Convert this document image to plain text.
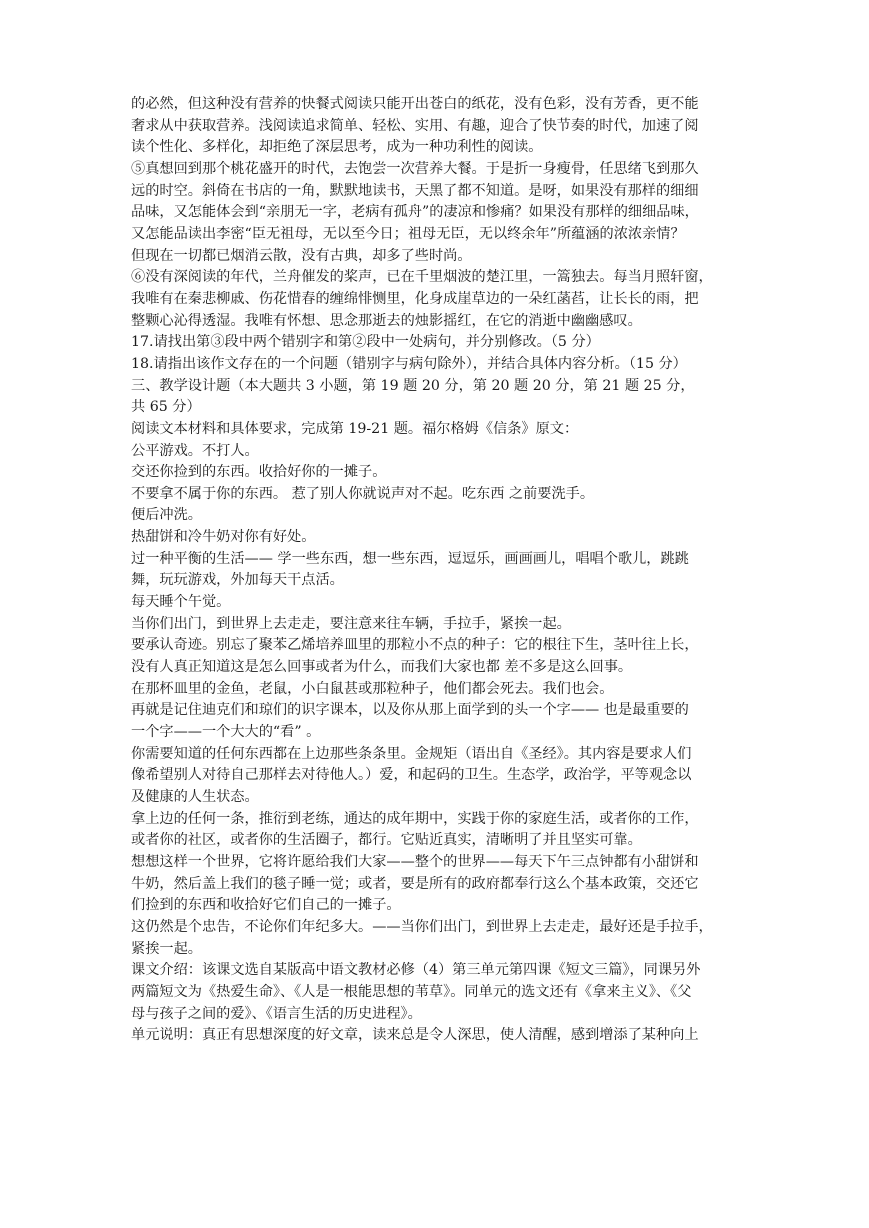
的必然，但这种没有营养的快餐式阅读只能开出苍白的纸花，没有色彩，没有芳香，更不能

奢求从中获取营养。浅阅读追求简单、轻松、实用、有趣，迎合了快节奏的时代，加速了阅

读个性化、多样化，却拒绝了深层思考，成为一种功利性的阅读。

⑤真想回到那个桃花盛开的时代，去饱尝一次营养大餐。于是折一身瘦骨，任思绪飞到那久

远的时空。斜倚在书店的一角，默默地读书，天黑了都不知道。是呀，如果没有那样的细细

品味，又怎能体会到“亲朋无一字，老病有孤舟”的凄凉和惨痛？如果没有那样的细细品味，

又怎能品读出李密“臣无祖母，无以至今日；祖母无臣，无以终余年”所蕴涵的浓浓亲情？

但现在一切都已烟消云散，没有古典，却多了些时尚。

⑥没有深阅读的年代，兰舟催发的桨声，已在千里烟波的楚江里，一篙独去。每当月照轩窗，

我唯有在秦悲柳戚、伤花惜春的缠绵悱恻里，化身成崖草边的一朵红菡萏，让长长的雨，把

整颗心沁得透湿。我唯有怀想、思念那逝去的烛影摇红，在它的消逝中幽幽感叹。

17.请找出第③段中两个错别字和第②段中一处病句，并分别修改。（5 分）

18.请指出该作文存在的一个问题（错别字与病句除外），并结合具体内容分析。（15 分）

三、教学设计题（本大题共 3 小题，第 19 题 20 分，第 20 题 20 分，第 21 题 25 分，

共 65 分）

阅读文本材料和具体要求，完成第 19-21 题。福尔格姆《信条》原文：

公平游戏。不打人。

交还你捡到的东西。收拾好你的一摊子。

不要拿不属于你的东西。 惹了别人你就说声对不起。吃东西 之前要洗手。

便后冲洗。

热甜饼和冷牛奶对你有好处。

过一种平衡的生活—— 学一些东西，想一些东西，逗逗乐，画画画儿，唱唱个歌儿，跳跳

舞，玩玩游戏，外加每天干点活。

每天睡个午觉。

当你们出门，到世界上去走走，要注意来往车辆，手拉手，紧挨一起。

要承认奇迹。别忘了聚苯乙烯培养皿里的那粒小不点的种子：它的根往下生，茎叶往上长，

没有人真正知道这是怎么回事或者为什么，而我们大家也都 差不多是这么回事。

在那杯皿里的金鱼，老鼠，小白鼠甚或那粒种子，他们都会死去。我们也会。

再就是记住迪克们和琼们的识字课本，以及你从那上面学到的头一个字—— 也是最重要的

一个字——一个大大的“看” 。

你需要知道的任何东西都在上边那些条条里。金规矩（语出自《圣经》。其内容是要求人们

像希望别人对待自己那样去对待他人。）爱，和起码的卫生。生态学，政治学，平等观念以

及健康的人生状态。

拿上边的任何一条，推衍到老练，通达的成年期中，实践于你的家庭生活，或者你的工作，

或者你的社区，或者你的生活圈子，都行。它贴近真实，清晰明了并且坚实可靠。

想想这样一个世界，它将许愿给我们大家——整个的世界——每天下午三点钟都有小甜饼和

牛奶，然后盖上我们的毯子睡一觉；或者，要是所有的政府都奉行这么个基本政策，交还它

们捡到的东西和收拾好它们自己的一摊子。

这仍然是个忠告，不论你们年纪多大。——当你们出门，到世界上去走走，最好还是手拉手，

紧挨一起。

课文介绍：该课文选自某版高中语文教材必修（4）第三单元第四课《短文三篇》，同课另外

两篇短文为《热爱生命》、《人是一根能思想的苇草》。同单元的选文还有《拿来主义》、《父

母与孩子之间的爱》、《语言生活的历史进程》。

单元说明：真正有思想深度的好文章，读来总是令人深思，使人清醒，感到增添了某种向上
